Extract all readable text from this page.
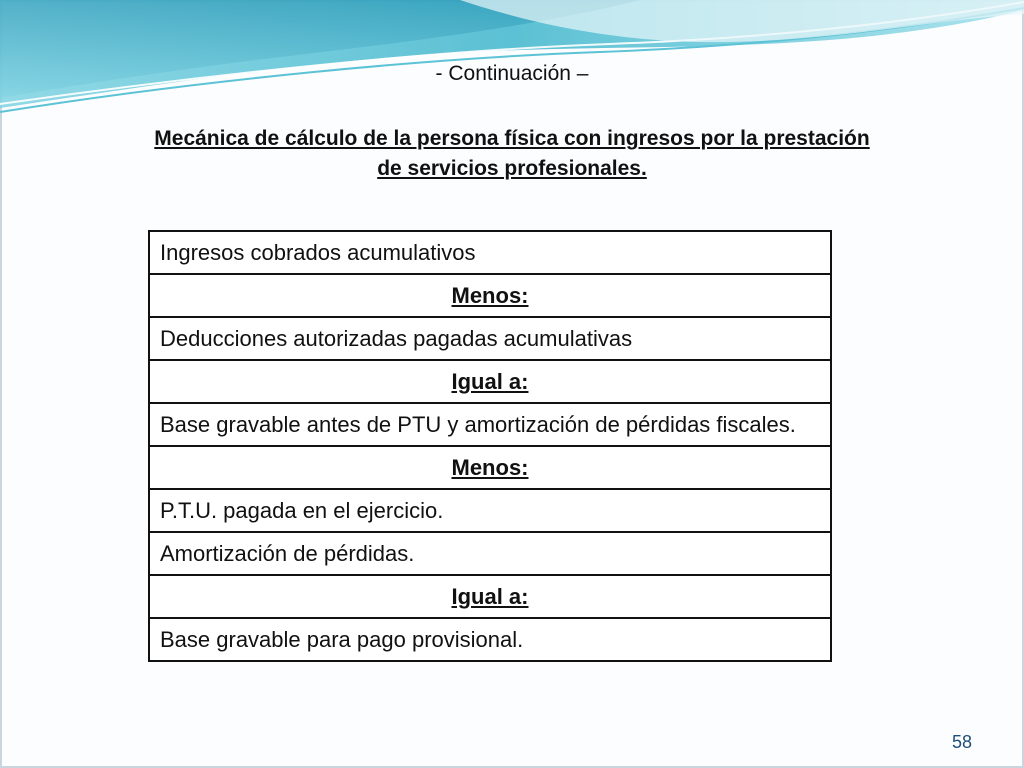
- Continuación –
Mecánica de cálculo de la persona física con ingresos por la prestación
de servicios profesionales.
Ingresos cobrados acumulativos
Menos:
Deducciones autorizadas pagadas acumulativas
Igual a:
Base gravable antes de PTU y amortización de pérdidas fiscales.
Menos:
P.T.U. pagada en el ejercicio.
Amortización de pérdidas.
Igual a:
Base gravable para pago provisional.
58
